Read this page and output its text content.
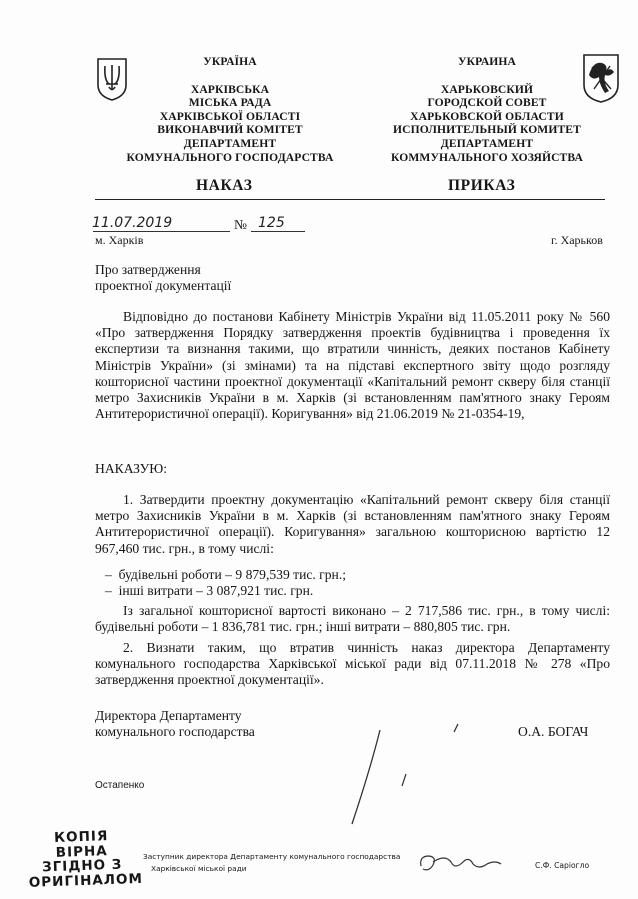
УКРАЇНА
ХАРКІВСЬКА
МІСЬКА РАДА
ХАРКІВСЬКОЇ ОБЛАСТІ
ВИКОНАВЧИЙ КОМІТЕТ
ДЕПАРТАМЕНТ
КОМУНАЛЬНОГО ГОСПОДАРСТВА
УКРАИНА
ХАРЬКОВСКИЙ
ГОРОДСКОЙ СОВЕТ
ХАРЬКОВСКОЙ ОБЛАСТИ
ИСПОЛНИТЕЛЬНЫЙ КОМИТЕТ
ДЕПАРТАМЕНТ
КОММУНАЛЬНОГО ХОЗЯЙСТВА
НАКАЗ	ПРИКАЗ
11.07.2019	№ 125
м. Харків	г. Харьков
Про затвердження
проектної документації
Відповідно до постанови Кабінету Міністрів України від 11.05.2011 року № 560 «Про затвердження Порядку затвердження проектів будівництва і проведення їх експертизи та визнання такими, що втратили чинність, деяких постанов Кабінету Міністрів України» (зі змінами) та на підставі експертного звіту щодо розгляду кошторисної частини проектної документації «Капітальний ремонт скверу біля станції метро Захисників України в м. Харків (зі встановленням пам'ятного знаку Героям Антитерористичної операції). Коригування» від 21.06.2019 № 21-0354-19,
НАКАЗУЮ:
1. Затвердити проектну документацію «Капітальний ремонт скверу біля станції метро Захисників України в м. Харків (зі встановленням пам'ятного знаку Героям Антитерористичної операції). Коригування» загальною кошторисною вартістю 12 967,460 тис. грн., в тому числі:
–  будівельні роботи – 9 879,539 тис. грн.;
–  інші витрати – 3 087,921 тис. грн.
Із загальної кошторисної вартості виконано – 2 717,586 тис. грн., в тому числі: будівельні роботи – 1 836,781 тис. грн.; інші витрати – 880,805 тис. грн.
2. Визнати таким, що втратив чинність наказ директора Департаменту комунального господарства Харківської міської ради від 07.11.2018 № 278 «Про затвердження проектної документації».
Директора Департаменту
комунального господарства	О.А. БОГАЧ
Остапенко
КОПІЯ ВІРНА
ЗГІДНО З
ОРИГІНАЛОМ
Заступник директора Департаменту комунального господарства
Харківської міської ради	С.Ф. Саріогло
